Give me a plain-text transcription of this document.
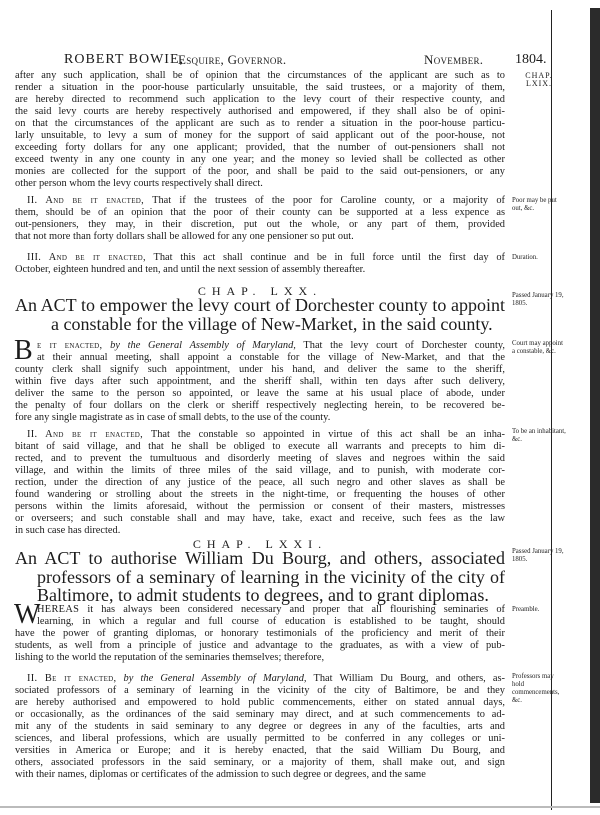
ROBERT BOWIE,
Esquire, Governor.	November. 1804.
CHAP. LXIX.
after any such application, shall be of opinion that the circumstances of the applicant are such as to
render a situation in the poor-house particularly unsuitable, the said trustees, or a majority of them,
are hereby directed to recommend such application to the levy court of their respective county, and
the said levy courts are hereby respectively authorised and empowered, if they shall also be of opini-
on that the circumstances of the applicant are such as to render a situation in the poor-house particu-
larly unsuitable, to levy a sum of money for the support of said applicant out of the poor-house, not
exceeding forty dollars for any one applicant; provided, that the number of out-pensioners shall not
exceed twenty in any one county in any one year; and the money so levied shall be collected as other
monies are collected for the support of the poor, and shall be paid to the said out-pensioners, or any
other person whom the levy courts respectively shall direct.
II. And be it enacted, That if the trustees of the poor for Caroline county, or a majority of
them, should be of an opinion that the poor of their county can be supported at a less expence as
out-pensioners, they may, in their discretion, put out the whole, or any part of them, provided
that not more than forty dollars shall be allowed for any one pensioner so put out.
Poor may be put out, &c.
III. And be it enacted, That this act shall continue and be in full force until the first day of
October, eighteen hundred and ten, and until the next session of assembly thereafter.
Duration.
CHAP. LXX.
An ACT to empower the levy court of Dorchester county to appoint
a constable for the village of New-Market, in the said county.
Passed January 19, 1805.
B e it enacted, by the General Assembly of Maryland, That the levy court of Dorchester county,
at their annual meeting, shall appoint a constable for the village of New-Market, and that the
county clerk shall signify such appointment, under his hand, and deliver the same to the sheriff,
within five days after such appointment, and the sheriff shall, within ten days after such delivery,
deliver the same to the person so appointed, or leave the same at his usual place of abode, under
the penalty of four dollars on the clerk or sheriff respectively neglecting herein, to be recovered be-
fore any single magistrate as in case of small debts, to the use of the county.
Court may appoint a constable, &c.
II. And be it enacted, That the constable so appointed in virtue of this act shall be an inha-
bitant of said village, and that he shall be obliged to execute all warrants and precepts to him di-
rected, and to prevent the tumultuous and disorderly meeting of slaves and negroes within the said
village, and within the limits of three miles of the said village, and to punish, with moderate cor-
rection, under the direction of any justice of the peace, all such negro and other slaves as shall be
found wandering or strolling about the streets in the night-time, or frequenting the houses of other
persons within the limits aforesaid, without the permission or consent of their masters, mistresses
or overseers; and such constable shall and may have, take, exact and receive, such fees as the law
in such case has directed.
To be an inhabitant, &c.
CHAP. LXXI.
An ACT to authorise William Du Bourg, and others, associated
professors of a seminary of learning in the vicinity of the city of
Baltimore, to admit students to degrees, and to grant diplomas.
Passed January 19, 1805.
W
HEREAS it has always been considered necessary and proper that all flourishing seminaries of
learning, in which a regular and full course of education is established to be taught, should
have the power of granting diplomas, or honorary testimonials of the proficiency and merit of their
students, as well from a principle of justice and advantage to the graduates, as with a view of pub-
lishing to the world the reputation of the seminaries themselves; therefore,
Preamble.
II. Be it enacted, by the General Assembly of Maryland, That William Du Bourg, and others, as-
sociated professors of a seminary of learning in the vicinity of the city of Baltimore, be and they
are hereby authorised and empowered to hold public commencements, either on stated annual days,
or occasionally, as the ordinances of the said seminary may direct, and at such commencements to ad-
mit any of the students in said seminary to any degree or degrees in any of the faculties, arts and
sciences, and liberal professions, which are usually permitted to be conferred in any colleges or uni-
versities in America or Europe; and it is hereby enacted, that the said William Du Bourg, and
others, associated professors in the said seminary, or a majority of them, shall make out, and sign
with their names, diplomas or certificates of the admission to such degree or degrees, and the same
Professors may hold commencements, &c.
